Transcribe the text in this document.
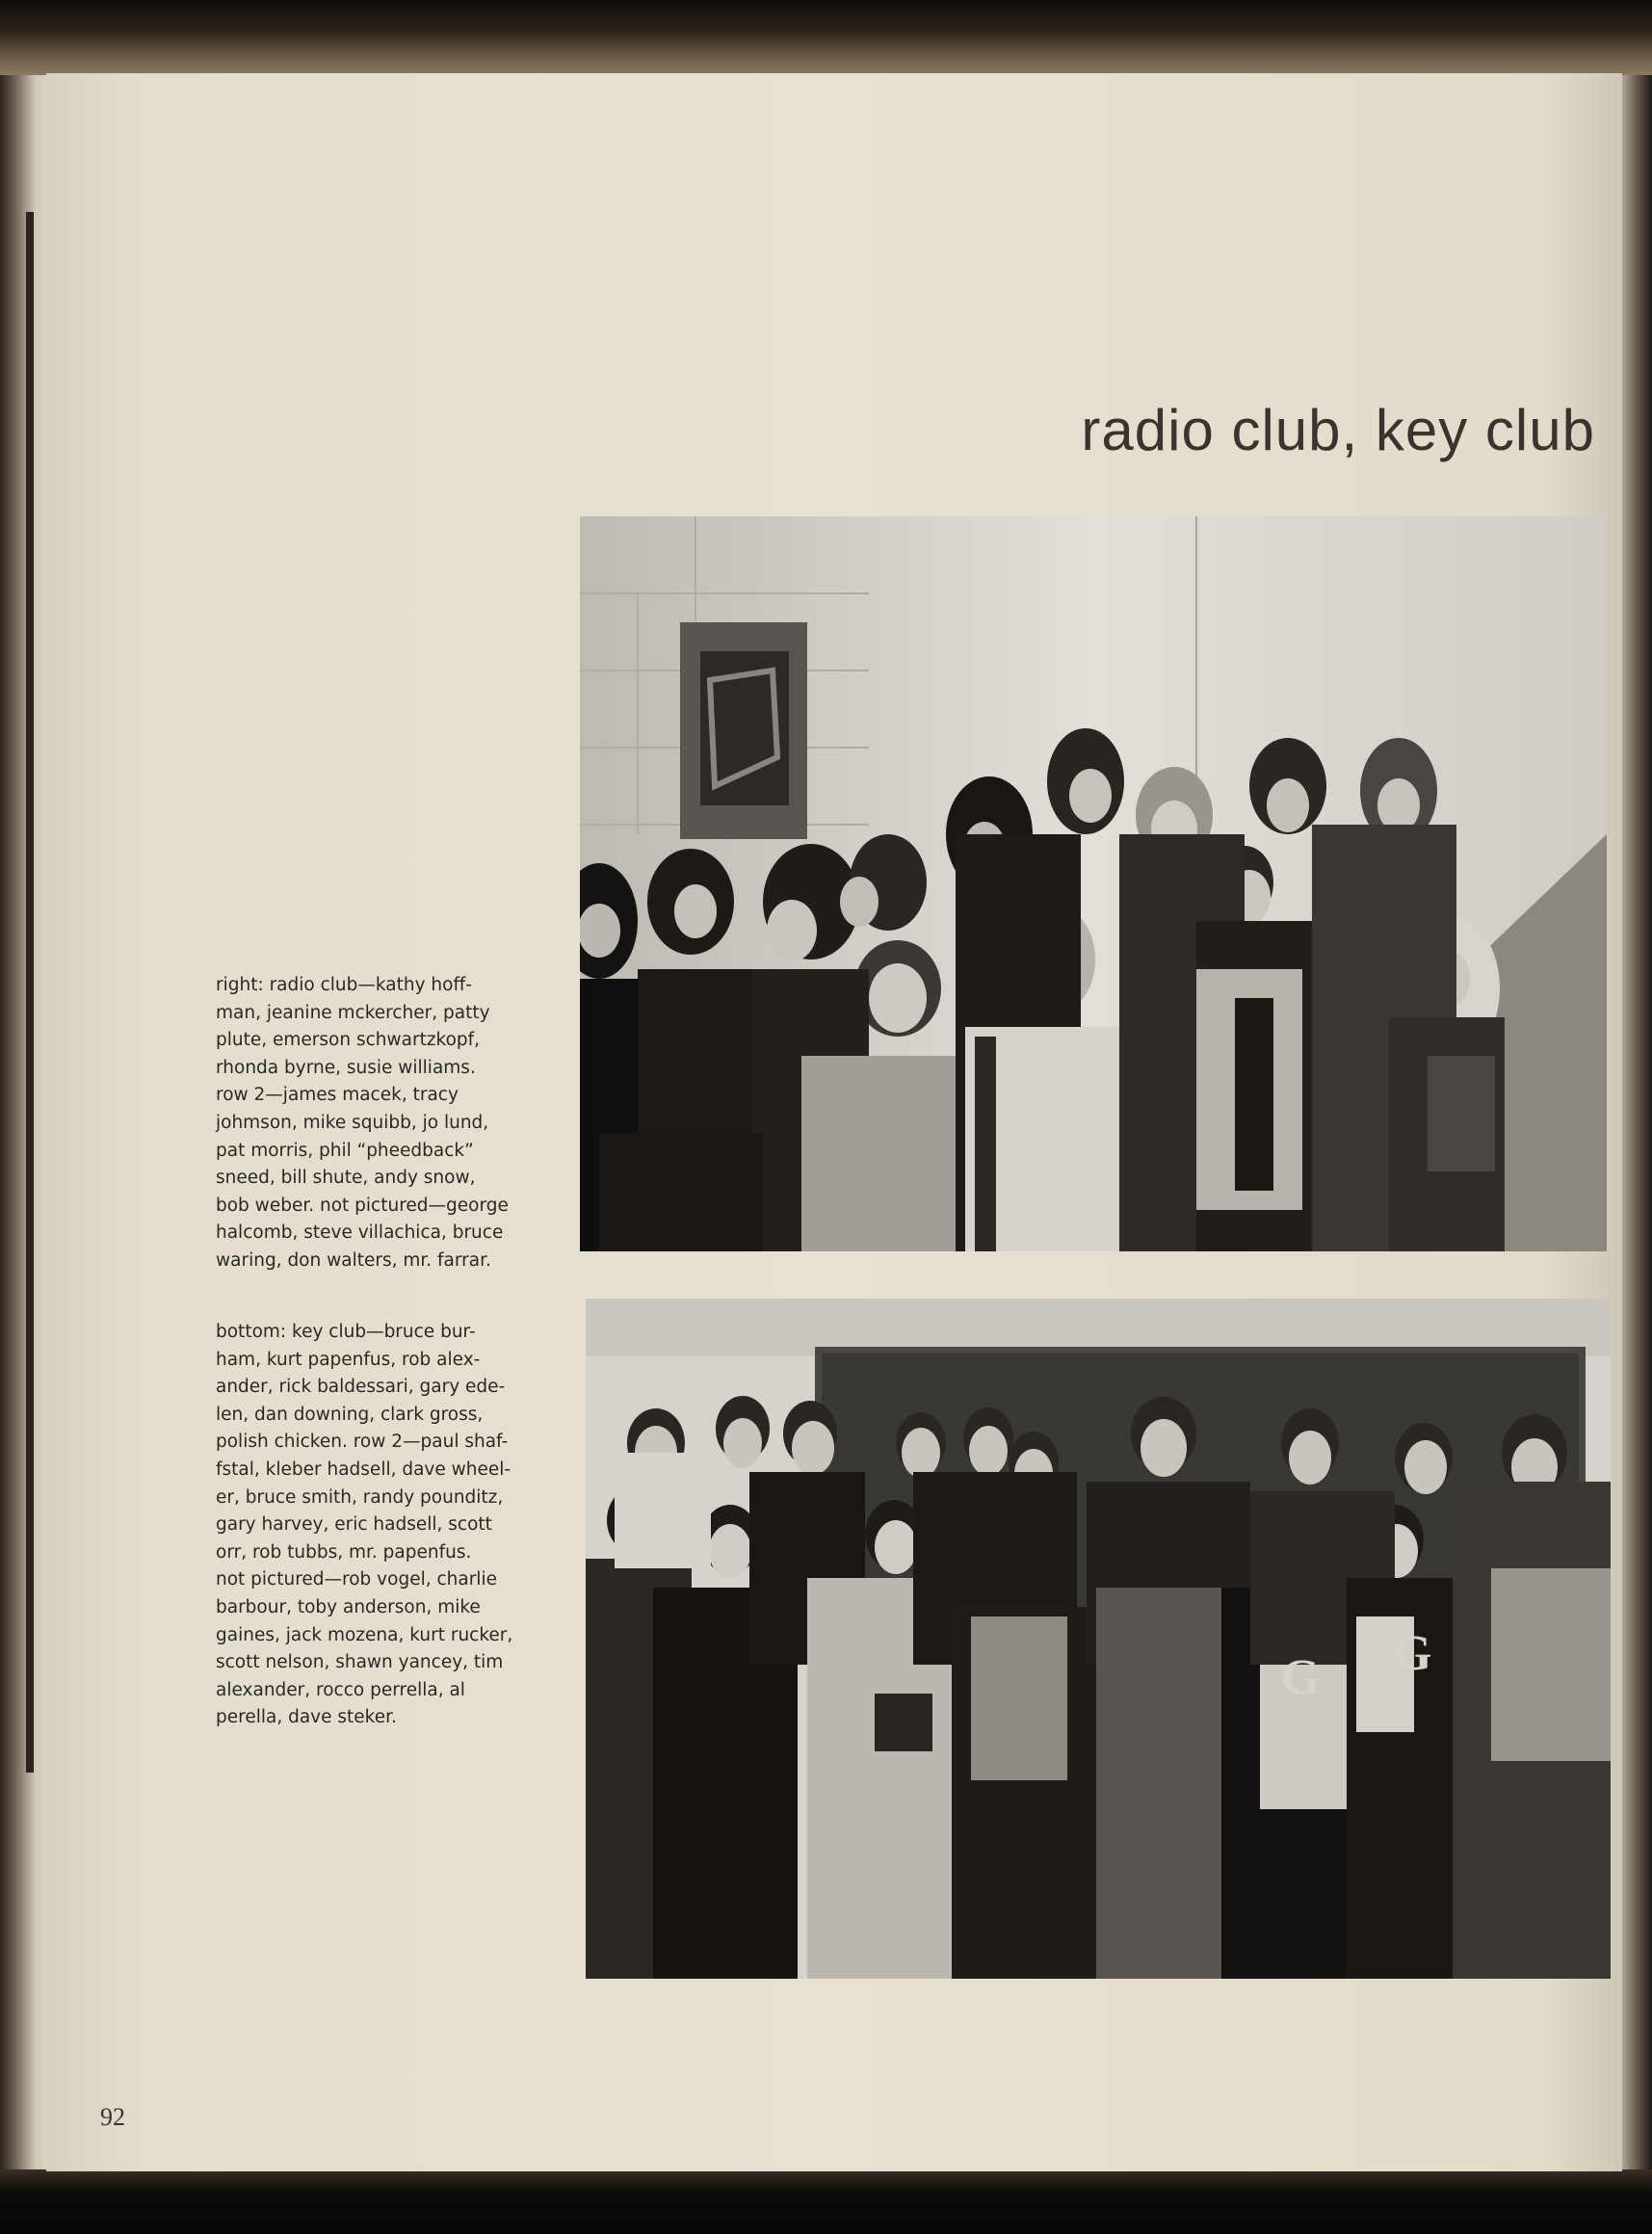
radio club, key club
G G
right: radio club—kathy hoff-
man, jeanine mckercher, patty
plute, emerson schwartzkopf,
rhonda byrne, susie williams.
row 2—james macek, tracy
johmson, mike squibb, jo lund,
pat morris, phil “pheedback”
sneed, bill shute, andy snow,
bob weber. not pictured—george
halcomb, steve villachica, bruce
waring, don walters, mr. farrar.
bottom: key club—bruce bur-
ham, kurt papenfus, rob alex-
ander, rick baldessari, gary ede-
len, dan downing, clark gross,
polish chicken. row 2—paul shaf-
fstal, kleber hadsell, dave wheel-
er, bruce smith, randy pounditz,
gary harvey, eric hadsell, scott
orr, rob tubbs, mr. papenfus.
not pictured—rob vogel, charlie
barbour, toby anderson, mike
gaines, jack mozena, kurt rucker,
scott nelson, shawn yancey, tim
alexander, rocco perrella, al
perella, dave steker.
92
